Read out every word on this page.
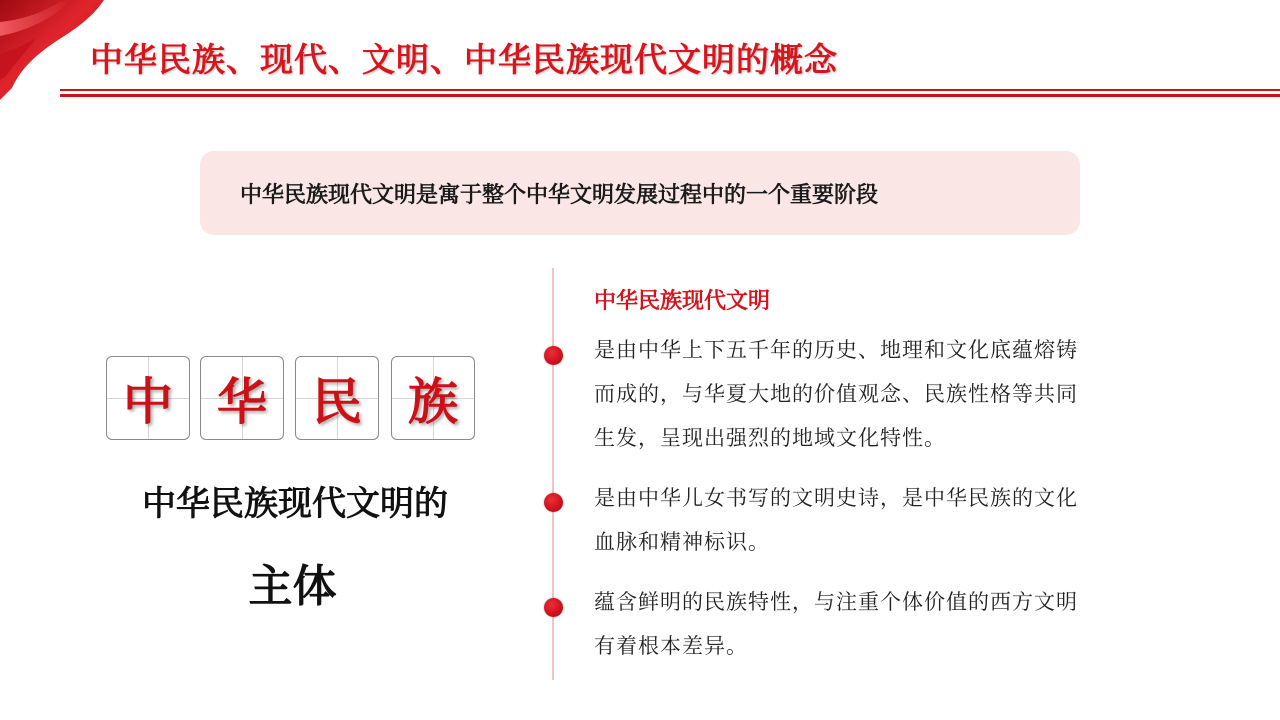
中华民族、现代、文明、中华民族现代文明的概念
中华民族现代文明是寓于整个中华文明发展过程中的一个重要阶段
中 华 民 族
中华民族现代文明的
主体
中华民族现代文明
是由中华上下五千年的历史、地理和文化底蕴熔铸
而成的，与华夏大地的价值观念、民族性格等共同
生发，呈现出强烈的地域文化特性。
是由中华儿女书写的文明史诗，是中华民族的文化
血脉和精神标识。
蕴含鲜明的民族特性，与注重个体价值的西方文明
有着根本差异。
